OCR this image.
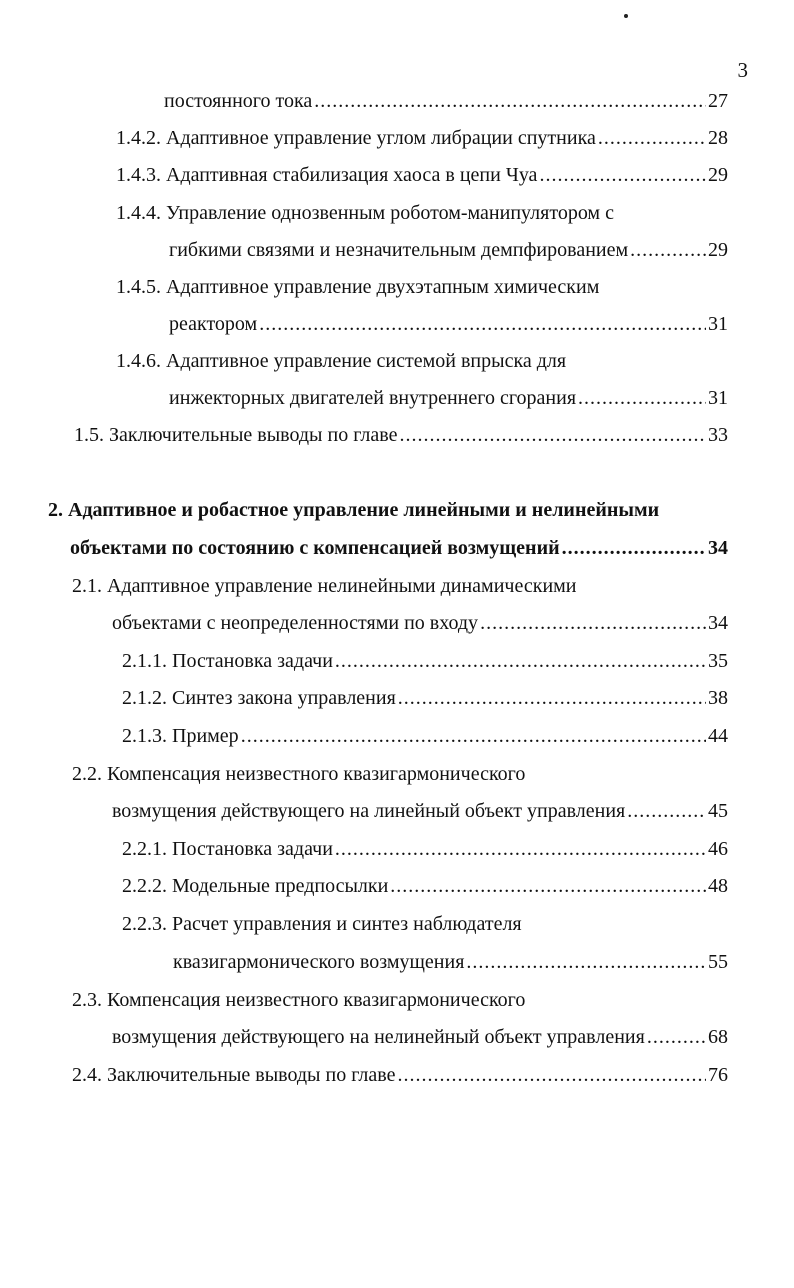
3
постоянного тока .....	27
1.4.2. Адаптивное управление углом либрации спутника .....	28
1.4.3. Адаптивная стабилизация хаоса в цепи Чуа .....	29
1.4.4. Управление однозвенным роботом-манипулятором с
гибкими связями и незначительным демпфированием .....	29
1.4.5. Адаптивное управление двухэтапным химическим
реактором .....	31
1.4.6. Адаптивное управление системой впрыска для
инжекторных двигателей внутреннего сгорания .....	31
1.5. Заключительные выводы по главе .....	33
2. Адаптивное и робастное управление линейными и нелинейными
объектами по состоянию с компенсацией возмущений .....	34
2.1. Адаптивное управление нелинейными динамическими
объектами с неопределенностями по входу .....	34
2.1.1. Постановка задачи .....	35
2.1.2. Синтез закона управления .....	38
2.1.3. Пример .....	44
2.2. Компенсация неизвестного квазигармонического
возмущения действующего на линейный объект управления .....	45
2.2.1. Постановка задачи .....	46
2.2.2. Модельные предпосылки .....	48
2.2.3. Расчет управления и синтез наблюдателя
квазигармонического возмущения .....	55
2.3. Компенсация неизвестного квазигармонического
возмущения действующего на нелинейный объект управления .....	68
2.4. Заключительные выводы по главе .....	76
